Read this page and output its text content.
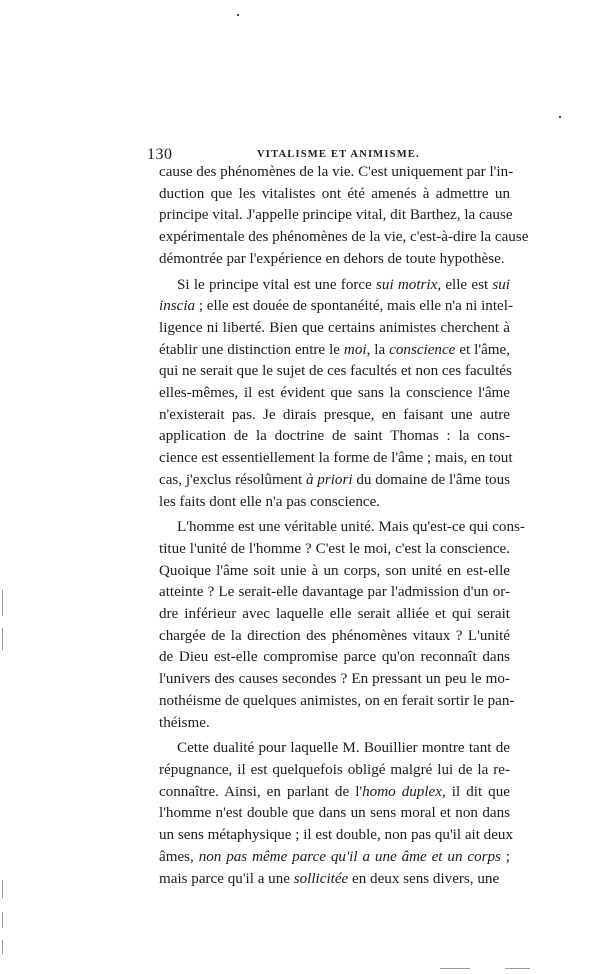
130	VITALISME ET ANIMISME.
cause des phénomènes de la vie. C'est uniquement par l'in-
duction que les vitalistes ont été amenés à admettre un
principe vital. J'appelle principe vital, dit Barthez, la cause
expérimentale des phénomènes de la vie, c'est-à-dire la cause
démontrée par l'expérience en dehors de toute hypothèse.
Si le principe vital est une force sui motrix, elle est sui
inscia ; elle est douée de spontanéité, mais elle n'a ni intel-
ligence ni liberté. Bien que certains animistes cherchent à
établir une distinction entre le moi, la conscience et l'âme,
qui ne serait que le sujet de ces facultés et non ces facultés
elles-mêmes, il est évident que sans la conscience l'âme
n'existerait pas. Je dirais presque, en faisant une autre
application de la doctrine de saint Thomas : la cons-
cience est essentiellement la forme de l'âme ; mais, en tout
cas, j'exclus résolûment à priori du domaine de l'âme tous
les faits dont elle n'a pas conscience.
L'homme est une véritable unité. Mais qu'est-ce qui cons-
titue l'unité de l'homme ? C'est le moi, c'est la conscience.
Quoique l'âme soit unie à un corps, son unité en est-elle
atteinte ? Le serait-elle davantage par l'admission d'un or-
dre inférieur avec laquelle elle serait alliée et qui serait
chargée de la direction des phénomènes vitaux ? L'unité
de Dieu est-elle compromise parce qu'on reconnaît dans
l'univers des causes secondes ? En pressant un peu le mo-
nothéisme de quelques animistes, on en ferait sortir le pan-
théisme.
Cette dualité pour laquelle M. Bouillier montre tant de
répugnance, il est quelquefois obligé malgré lui de la re-
connaître. Ainsi, en parlant de l'homo duplex, il dit que
l'homme n'est double que dans un sens moral et non dans
un sens métaphysique ; il est double, non pas qu'il ait deux
âmes, non pas même parce qu'il a une âme et un corps ;
mais parce qu'il a une sollicitée en deux sens divers, une
